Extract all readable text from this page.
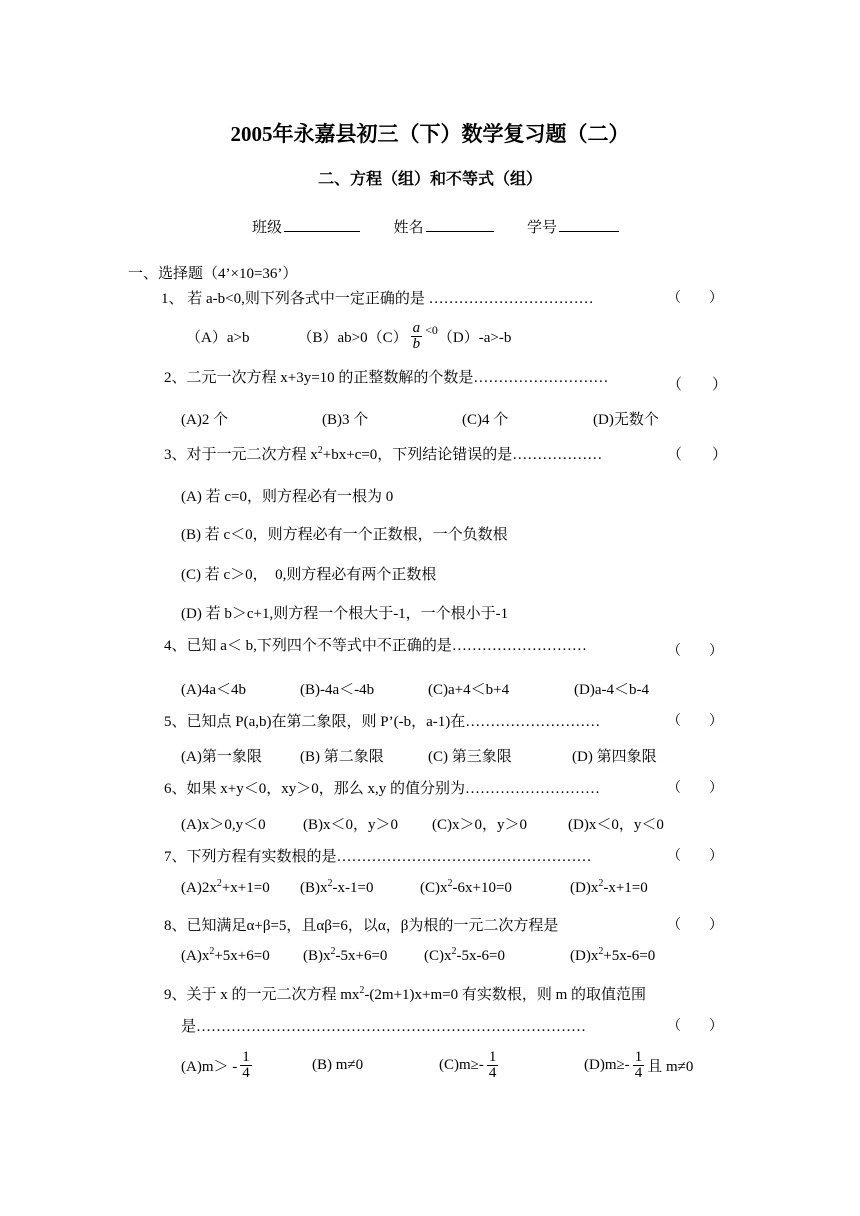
2005年永嘉县初三（下）数学复习题（二）
二、方程（组）和不等式（组）
班级	姓名	学号
一、选择题（4’×10=36’）
1、 若 a-b<0,则下列各式中一定正确的是 ……………………………	（　　）
（A）a>b	（B）ab>0 $(C) \frac{a}{b} <0$ （D）-a>-b
2、二元一次方程 x+3y=10 的正整数解的个数是………………………	（　　）
(A)2 个	(B)3 个	(C)4 个	(D)无数个
3、对于一元二次方程 $x^2+bx+c=0$，下列结论错误的是………………	（　　）
(A) 若 c=0，则方程必有一根为 0
(B) 若 c＜0，则方程必有一个正数根，一个负数根
(C) 若 c＞0，　0,则方程必有两个正数根
(D) 若 b＞c+1,则方程一个根大于-1，一个根小于-1
4、已知 a＜ b,下列四个不等式中不正确的是………………………	（　　）
(A)4a＜4b	(B)-4a＜-4b	(C)a+4＜b+4	(D)a-4＜b-4
5、已知点 P(a,b)在第二象限，则 P’(-b，a-1)在………………………	（　　）
(A)第一象限	(B) 第二象限	(C) 第三象限	(D) 第四象限
6、如果 x+y＜0，xy＞0，那么 x,y 的值分别为………………………	（　　）
(A)x＞0,y＜0 (B)x＜0，y＞0 (C)x＞0，y＞0	(D)x＜0，y＜0
7、下列方程有实数根的是……………………………………………	（　　）
$(A)2x^2+x+1=0$ $(B)x^2-x-1=0$	$(C)x^2-6x+10=0$	$(D)x^2-x+1=0$
8、已知满足α+β=5，且αβ=6，以α，β为根的一元二次方程是	（　　）
$(A)x^2+5x+6=0$ $(B)x^2-5x+6=0$ $(C)x^2-5x-6=0$	$(D)x^2+5x-6=0$
9、关于 x 的一元二次方程 $mx^2-(2m+1)x+m=0$ 有实数根，则 m 的取值范围
是……………………………………………………………………	（　　）
$(A)m> - \frac{1}{4}$	(B) m≠0	$(C)m\ge- \frac{1}{4}$	$(D)m\ge- \frac{1}{4}$ 且 m≠0
